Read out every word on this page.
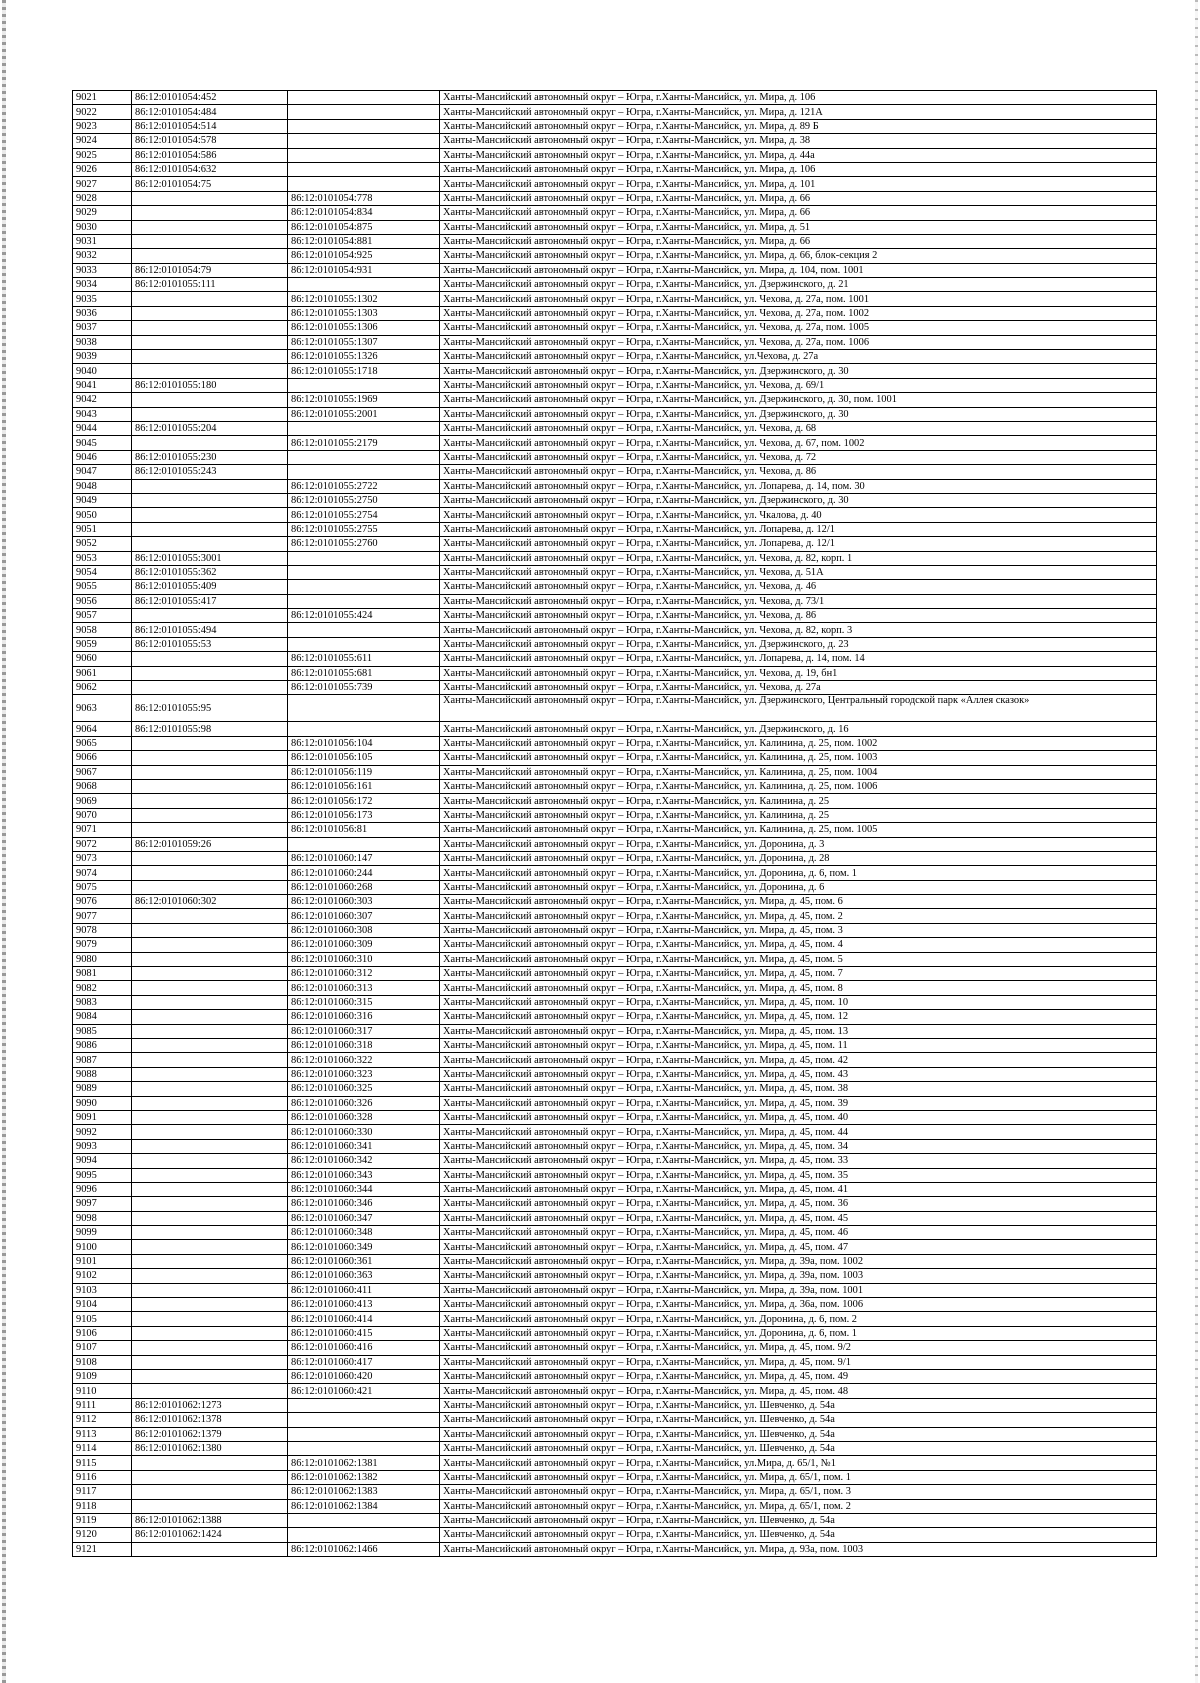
9021	86:12:0101054:452		Ханты-Мансийский автономный округ – Югра, г.Ханты-Мансийск, ул. Мира, д. 106
9022	86:12:0101054:484		Ханты-Мансийский автономный округ – Югра, г.Ханты-Мансийск, ул. Мира, д. 121А
9023	86:12:0101054:514		Ханты-Мансийский автономный округ – Югра, г.Ханты-Мансийск, ул. Мира, д. 89 Б
9024	86:12:0101054:578		Ханты-Мансийский автономный округ – Югра, г.Ханты-Мансийск, ул. Мира, д. 38
9025	86:12:0101054:586		Ханты-Мансийский автономный округ – Югра, г.Ханты-Мансийск, ул. Мира, д. 44а
9026	86:12:0101054:632		Ханты-Мансийский автономный округ – Югра, г.Ханты-Мансийск, ул. Мира, д. 106
9027	86:12:0101054:75		Ханты-Мансийский автономный округ – Югра, г.Ханты-Мансийск, ул. Мира, д. 101
9028		86:12:0101054:778	Ханты-Мансийский автономный округ – Югра, г.Ханты-Мансийск, ул. Мира, д. 66
9029		86:12:0101054:834	Ханты-Мансийский автономный округ – Югра, г.Ханты-Мансийск, ул. Мира, д. 66
9030		86:12:0101054:875	Ханты-Мансийский автономный округ – Югра, г.Ханты-Мансийск, ул. Мира, д. 51
9031		86:12:0101054:881	Ханты-Мансийский автономный округ – Югра, г.Ханты-Мансийск, ул. Мира, д. 66
9032		86:12:0101054:925	Ханты-Мансийский автономный округ – Югра, г.Ханты-Мансийск, ул. Мира, д. 66, блок-секция 2
9033	86:12:0101054:79	86:12:0101054:931	Ханты-Мансийский автономный округ – Югра, г.Ханты-Мансийск, ул. Мира, д. 104, пом. 1001
9034	86:12:0101055:111		Ханты-Мансийский автономный округ – Югра, г.Ханты-Мансийск, ул. Дзержинского, д. 21
9035		86:12:0101055:1302	Ханты-Мансийский автономный округ – Югра, г.Ханты-Мансийск, ул. Чехова, д. 27а, пом. 1001
9036		86:12:0101055:1303	Ханты-Мансийский автономный округ – Югра, г.Ханты-Мансийск, ул. Чехова, д. 27а, пом. 1002
9037		86:12:0101055:1306	Ханты-Мансийский автономный округ – Югра, г.Ханты-Мансийск, ул. Чехова, д. 27а, пом. 1005
9038		86:12:0101055:1307	Ханты-Мансийский автономный округ – Югра, г.Ханты-Мансийск, ул. Чехова, д. 27а, пом. 1006
9039		86:12:0101055:1326	Ханты-Мансийский автономный округ – Югра, г.Ханты-Мансийск, ул.Чехова, д. 27а
9040		86:12:0101055:1718	Ханты-Мансийский автономный округ – Югра, г.Ханты-Мансийск, ул. Дзержинского, д. 30
9041	86:12:0101055:180		Ханты-Мансийский автономный округ – Югра, г.Ханты-Мансийск, ул. Чехова, д. 69/1
9042		86:12:0101055:1969	Ханты-Мансийский автономный округ – Югра, г.Ханты-Мансийск, ул. Дзержинского, д. 30, пом. 1001
9043		86:12:0101055:2001	Ханты-Мансийский автономный округ – Югра, г.Ханты-Мансийск, ул. Дзержинского, д. 30
9044	86:12:0101055:204		Ханты-Мансийский автономный округ – Югра, г.Ханты-Мансийск, ул. Чехова, д. 68
9045		86:12:0101055:2179	Ханты-Мансийский автономный округ – Югра, г.Ханты-Мансийск, ул. Чехова, д. 67, пом. 1002
9046	86:12:0101055:230		Ханты-Мансийский автономный округ – Югра, г.Ханты-Мансийск, ул. Чехова, д. 72
9047	86:12:0101055:243		Ханты-Мансийский автономный округ – Югра, г.Ханты-Мансийск, ул. Чехова, д. 86
9048		86:12:0101055:2722	Ханты-Мансийский автономный округ – Югра, г.Ханты-Мансийск, ул. Лопарева, д. 14, пом. 30
9049		86:12:0101055:2750	Ханты-Мансийский автономный округ – Югра, г.Ханты-Мансийск, ул. Дзержинского, д. 30
9050		86:12:0101055:2754	Ханты-Мансийский автономный округ – Югра, г.Ханты-Мансийск, ул. Чкалова, д. 40
9051		86:12:0101055:2755	Ханты-Мансийский автономный округ – Югра, г.Ханты-Мансийск, ул. Лопарева, д. 12/1
9052		86:12:0101055:2760	Ханты-Мансийский автономный округ – Югра, г.Ханты-Мансийск, ул. Лопарева, д. 12/1
9053	86:12:0101055:3001		Ханты-Мансийский автономный округ – Югра, г.Ханты-Мансийск, ул. Чехова, д. 82, корп. 1
9054	86:12:0101055:362		Ханты-Мансийский автономный округ – Югра, г.Ханты-Мансийск, ул. Чехова, д. 51А
9055	86:12:0101055:409		Ханты-Мансийский автономный округ – Югра, г.Ханты-Мансийск, ул. Чехова, д. 46
9056	86:12:0101055:417		Ханты-Мансийский автономный округ – Югра, г.Ханты-Мансийск, ул. Чехова, д. 73/1
9057		86:12:0101055:424	Ханты-Мансийский автономный округ – Югра, г.Ханты-Мансийск, ул. Чехова, д. 86
9058	86:12:0101055:494		Ханты-Мансийский автономный округ – Югра, г.Ханты-Мансийск, ул. Чехова, д. 82, корп. 3
9059	86:12:0101055:53		Ханты-Мансийский автономный округ – Югра, г.Ханты-Мансийск, ул. Дзержинского, д. 23
9060		86:12:0101055:611	Ханты-Мансийский автономный округ – Югра, г.Ханты-Мансийск, ул. Лопарева, д. 14, пом. 14
9061		86:12:0101055:681	Ханты-Мансийский автономный округ – Югра, г.Ханты-Мансийск, ул. Чехова, д. 19, бн1
9062		86:12:0101055:739	Ханты-Мансийский автономный округ – Югра, г.Ханты-Мансийск, ул. Чехова, д. 27а
9063	86:12:0101055:95		Ханты-Мансийский автономный округ – Югра, г.Ханты-Мансийск, ул. Дзержинского, Центральный городской парк «Аллея сказок»
9064	86:12:0101055:98		Ханты-Мансийский автономный округ – Югра, г.Ханты-Мансийск, ул. Дзержинского, д. 16
9065		86:12:0101056:104	Ханты-Мансийский автономный округ – Югра, г.Ханты-Мансийск, ул. Калинина, д. 25, пом. 1002
9066		86:12:0101056:105	Ханты-Мансийский автономный округ – Югра, г.Ханты-Мансийск, ул. Калинина, д. 25, пом. 1003
9067		86:12:0101056:119	Ханты-Мансийский автономный округ – Югра, г.Ханты-Мансийск, ул. Калинина, д. 25, пом. 1004
9068		86:12:0101056:161	Ханты-Мансийский автономный округ – Югра, г.Ханты-Мансийск, ул. Калинина, д. 25, пом. 1006
9069		86:12:0101056:172	Ханты-Мансийский автономный округ – Югра, г.Ханты-Мансийск, ул. Калинина, д. 25
9070		86:12:0101056:173	Ханты-Мансийский автономный округ – Югра, г.Ханты-Мансийск, ул. Калинина, д. 25
9071		86:12:0101056:81	Ханты-Мансийский автономный округ – Югра, г.Ханты-Мансийск, ул. Калинина, д. 25, пом. 1005
9072	86:12:0101059:26		Ханты-Мансийский автономный округ – Югра, г.Ханты-Мансийск, ул. Доронина, д. 3
9073		86:12:0101060:147	Ханты-Мансийский автономный округ – Югра, г.Ханты-Мансийск, ул. Доронина, д. 28
9074		86:12:0101060:244	Ханты-Мансийский автономный округ – Югра, г.Ханты-Мансийск, ул. Доронина, д. 6, пом. 1
9075		86:12:0101060:268	Ханты-Мансийский автономный округ – Югра, г.Ханты-Мансийск, ул. Доронина, д. 6
9076	86:12:0101060:302	86:12:0101060:303	Ханты-Мансийский автономный округ – Югра, г.Ханты-Мансийск, ул. Мира, д. 45, пом. 6
9077		86:12:0101060:307	Ханты-Мансийский автономный округ – Югра, г.Ханты-Мансийск, ул. Мира, д. 45, пом. 2
9078		86:12:0101060:308	Ханты-Мансийский автономный округ – Югра, г.Ханты-Мансийск, ул. Мира, д. 45, пом. 3
9079		86:12:0101060:309	Ханты-Мансийский автономный округ – Югра, г.Ханты-Мансийск, ул. Мира, д. 45, пом. 4
9080		86:12:0101060:310	Ханты-Мансийский автономный округ – Югра, г.Ханты-Мансийск, ул. Мира, д. 45, пом. 5
9081		86:12:0101060:312	Ханты-Мансийский автономный округ – Югра, г.Ханты-Мансийск, ул. Мира, д. 45, пом. 7
9082		86:12:0101060:313	Ханты-Мансийский автономный округ – Югра, г.Ханты-Мансийск, ул. Мира, д. 45, пом. 8
9083		86:12:0101060:315	Ханты-Мансийский автономный округ – Югра, г.Ханты-Мансийск, ул. Мира, д. 45, пом. 10
9084		86:12:0101060:316	Ханты-Мансийский автономный округ – Югра, г.Ханты-Мансийск, ул. Мира, д. 45, пом. 12
9085		86:12:0101060:317	Ханты-Мансийский автономный округ – Югра, г.Ханты-Мансийск, ул. Мира, д. 45, пом. 13
9086		86:12:0101060:318	Ханты-Мансийский автономный округ – Югра, г.Ханты-Мансийск, ул. Мира, д. 45, пом. 11
9087		86:12:0101060:322	Ханты-Мансийский автономный округ – Югра, г.Ханты-Мансийск, ул. Мира, д. 45, пом. 42
9088		86:12:0101060:323	Ханты-Мансийский автономный округ – Югра, г.Ханты-Мансийск, ул. Мира, д. 45, пом. 43
9089		86:12:0101060:325	Ханты-Мансийский автономный округ – Югра, г.Ханты-Мансийск, ул. Мира, д. 45, пом. 38
9090		86:12:0101060:326	Ханты-Мансийский автономный округ – Югра, г.Ханты-Мансийск, ул. Мира, д. 45, пом. 39
9091		86:12:0101060:328	Ханты-Мансийский автономный округ – Югра, г.Ханты-Мансийск, ул. Мира, д. 45, пом. 40
9092		86:12:0101060:330	Ханты-Мансийский автономный округ – Югра, г.Ханты-Мансийск, ул. Мира, д. 45, пом. 44
9093		86:12:0101060:341	Ханты-Мансийский автономный округ – Югра, г.Ханты-Мансийск, ул. Мира, д. 45, пом. 34
9094		86:12:0101060:342	Ханты-Мансийский автономный округ – Югра, г.Ханты-Мансийск, ул. Мира, д. 45, пом. 33
9095		86:12:0101060:343	Ханты-Мансийский автономный округ – Югра, г.Ханты-Мансийск, ул. Мира, д. 45, пом. 35
9096		86:12:0101060:344	Ханты-Мансийский автономный округ – Югра, г.Ханты-Мансийск, ул. Мира, д. 45, пом. 41
9097		86:12:0101060:346	Ханты-Мансийский автономный округ – Югра, г.Ханты-Мансийск, ул. Мира, д. 45, пом. 36
9098		86:12:0101060:347	Ханты-Мансийский автономный округ – Югра, г.Ханты-Мансийск, ул. Мира, д. 45, пом. 45
9099		86:12:0101060:348	Ханты-Мансийский автономный округ – Югра, г.Ханты-Мансийск, ул. Мира, д. 45, пом. 46
9100		86:12:0101060:349	Ханты-Мансийский автономный округ – Югра, г.Ханты-Мансийск, ул. Мира, д. 45, пом. 47
9101		86:12:0101060:361	Ханты-Мансийский автономный округ – Югра, г.Ханты-Мансийск, ул. Мира, д. 39а, пом. 1002
9102		86:12:0101060:363	Ханты-Мансийский автономный округ – Югра, г.Ханты-Мансийск, ул. Мира, д. 39а, пом. 1003
9103		86:12:0101060:411	Ханты-Мансийский автономный округ – Югра, г.Ханты-Мансийск, ул. Мира, д. 39а, пом. 1001
9104		86:12:0101060:413	Ханты-Мансийский автономный округ – Югра, г.Ханты-Мансийск, ул. Мира, д. 36а, пом. 1006
9105		86:12:0101060:414	Ханты-Мансийский автономный округ – Югра, г.Ханты-Мансийск, ул. Доронина, д. 6, пом. 2
9106		86:12:0101060:415	Ханты-Мансийский автономный округ – Югра, г.Ханты-Мансийск, ул. Доронина, д. 6, пом. 1
9107		86:12:0101060:416	Ханты-Мансийский автономный округ – Югра, г.Ханты-Мансийск, ул. Мира, д. 45, пом. 9/2
9108		86:12:0101060:417	Ханты-Мансийский автономный округ – Югра, г.Ханты-Мансийск, ул. Мира, д. 45, пом. 9/1
9109		86:12:0101060:420	Ханты-Мансийский автономный округ – Югра, г.Ханты-Мансийск, ул. Мира, д. 45, пом. 49
9110		86:12:0101060:421	Ханты-Мансийский автономный округ – Югра, г.Ханты-Мансийск, ул. Мира, д. 45, пом. 48
9111	86:12:0101062:1273		Ханты-Мансийский автономный округ – Югра, г.Ханты-Мансийск, ул. Шевченко, д. 54а
9112	86:12:0101062:1378		Ханты-Мансийский автономный округ – Югра, г.Ханты-Мансийск, ул. Шевченко, д. 54а
9113	86:12:0101062:1379		Ханты-Мансийский автономный округ – Югра, г.Ханты-Мансийск, ул. Шевченко, д. 54а
9114	86:12:0101062:1380		Ханты-Мансийский автономный округ – Югра, г.Ханты-Мансийск, ул. Шевченко, д. 54а
9115		86:12:0101062:1381	Ханты-Мансийский автономный округ – Югра, г.Ханты-Мансийск, ул.Мира, д. 65/1, №1
9116		86:12:0101062:1382	Ханты-Мансийский автономный округ – Югра, г.Ханты-Мансийск, ул. Мира, д. 65/1, пом. 1
9117		86:12:0101062:1383	Ханты-Мансийский автономный округ – Югра, г.Ханты-Мансийск, ул. Мира, д. 65/1, пом. 3
9118		86:12:0101062:1384	Ханты-Мансийский автономный округ – Югра, г.Ханты-Мансийск, ул. Мира, д. 65/1, пом. 2
9119	86:12:0101062:1388		Ханты-Мансийский автономный округ – Югра, г.Ханты-Мансийск, ул. Шевченко, д. 54а
9120	86:12:0101062:1424		Ханты-Мансийский автономный округ – Югра, г.Ханты-Мансийск, ул. Шевченко, д. 54а
9121		86:12:0101062:1466	Ханты-Мансийский автономный округ – Югра, г.Ханты-Мансийск, ул. Мира, д. 93а, пом. 1003
